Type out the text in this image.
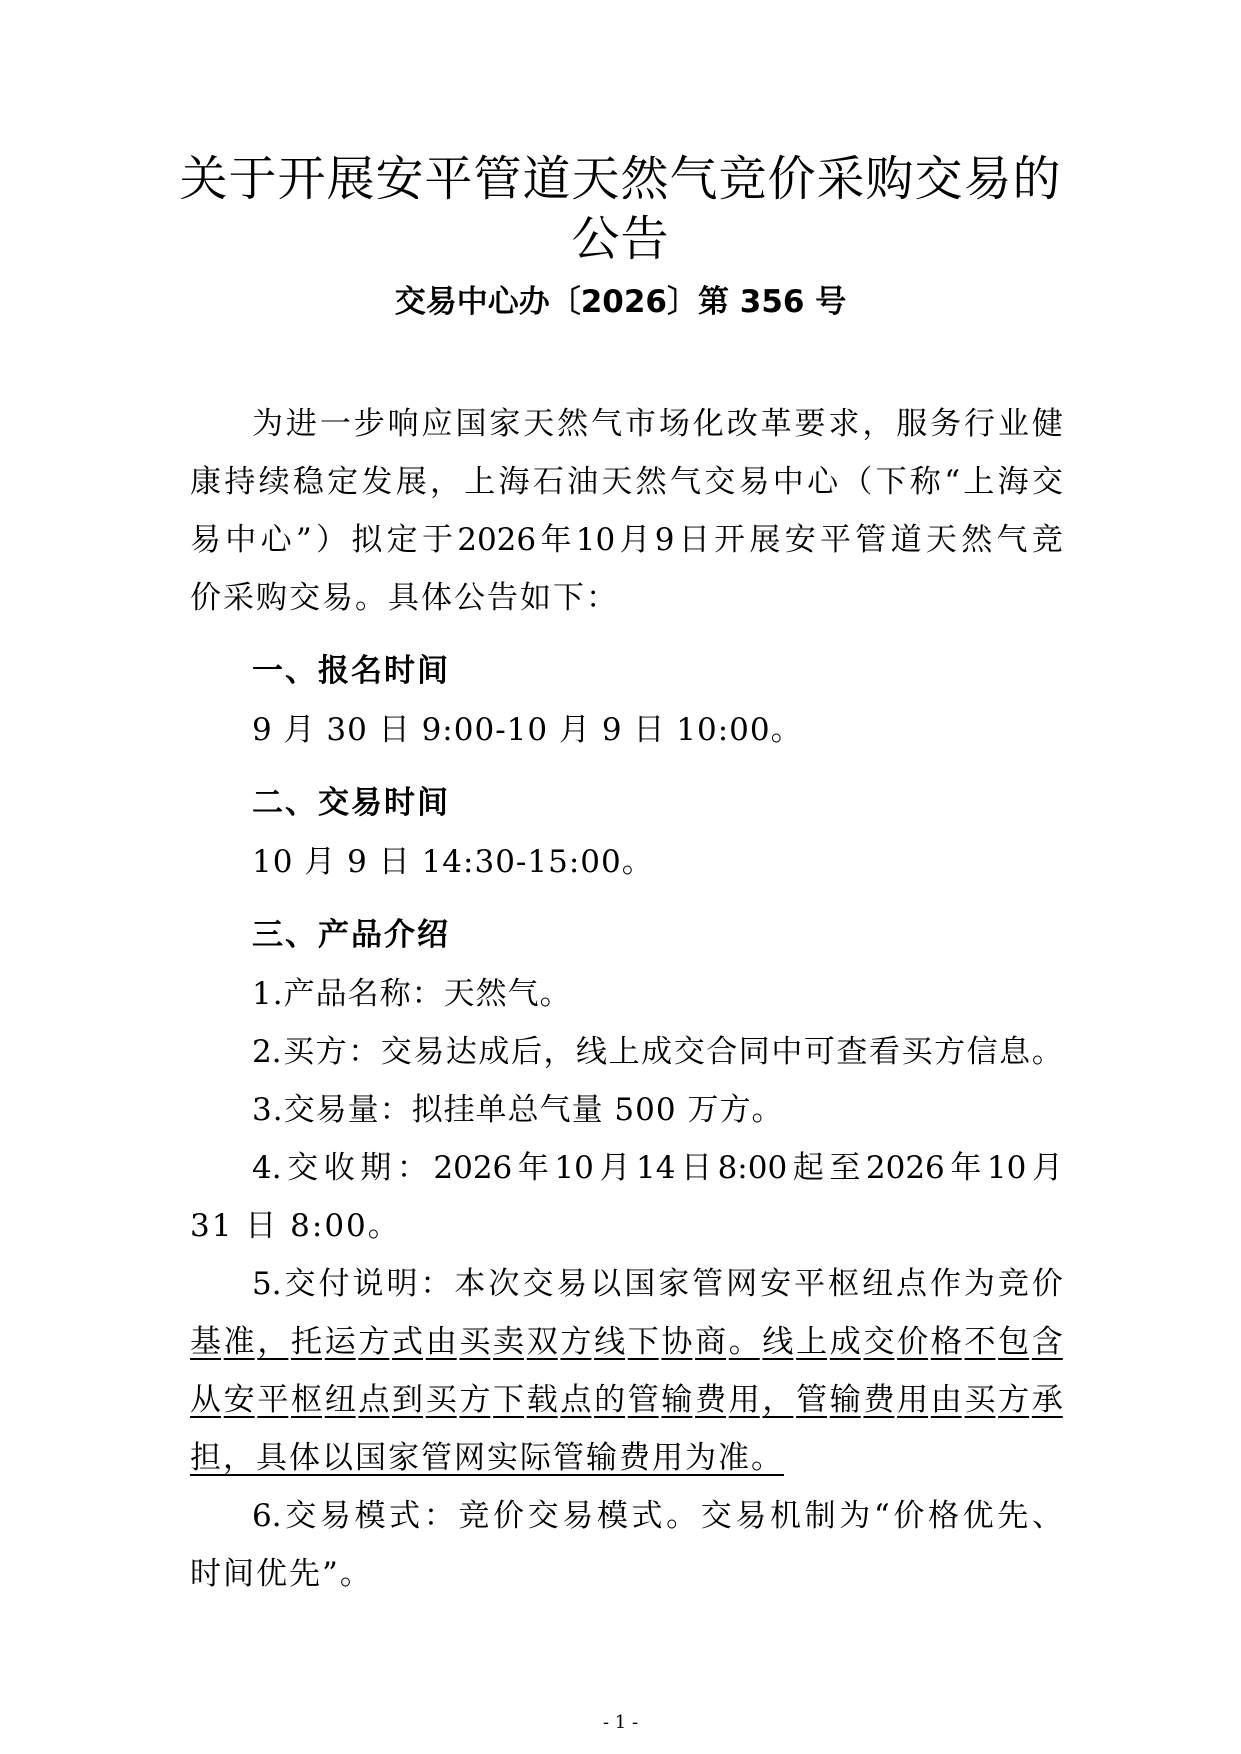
关于开展安平管道天然气竞价采购交易的
公告
交易中心办〔2026〕第 356 号
为 进 一 步 响 应 国 家 天 然 气 市 场 化 改 革 要 求 ， 服 务 行 业 健
康 持 续 稳 定 发 展 ， 上 海 石 油 天 然 气 交 易 中 心 （ 下 称 “ 上 海 交
易 中 心 ” ） 拟 定 于 2026 年 10 月 9 日 开 展 安 平 管 道 天 然 气 竞
价采购交易。具体公告如下：
一、报名时间
9 月 30 日 9:00-10 月 9 日 10:00。
二、交易时间
10 月 9 日 14:30-15:00。
三、产品介绍
1.产品名称：天然气。
2. 买 方 ： 交 易 达 成 后 ， 线 上 成 交 合 同 中 可 查 看 买 方 信 息 。
3.交易量：拟挂单总气量 500 万方。
4. 交 收 期 ： 2026 年 10 月 14 日 8:00 起 至 2026 年 10 月
31 日 8:00。
5. 交 付 说 明 ： 本 次 交 易 以 国 家 管 网 安 平 枢 纽 点 作 为 竞 价
基 准 ， 托 运 方 式 由 买 卖 双 方 线 下 协 商 。 线 上 成 交 价 格 不 包 含
从 安 平 枢 纽 点 到 买 方 下 载 点 的 管 输 费 用 ， 管 输 费 用 由 买 方 承
担，具体以国家管网实际管输费用为准。
6. 交 易 模 式 ： 竞 价 交 易 模 式 。 交 易 机 制 为 “ 价 格 优 先 、
时间优先”。
- 1 -
